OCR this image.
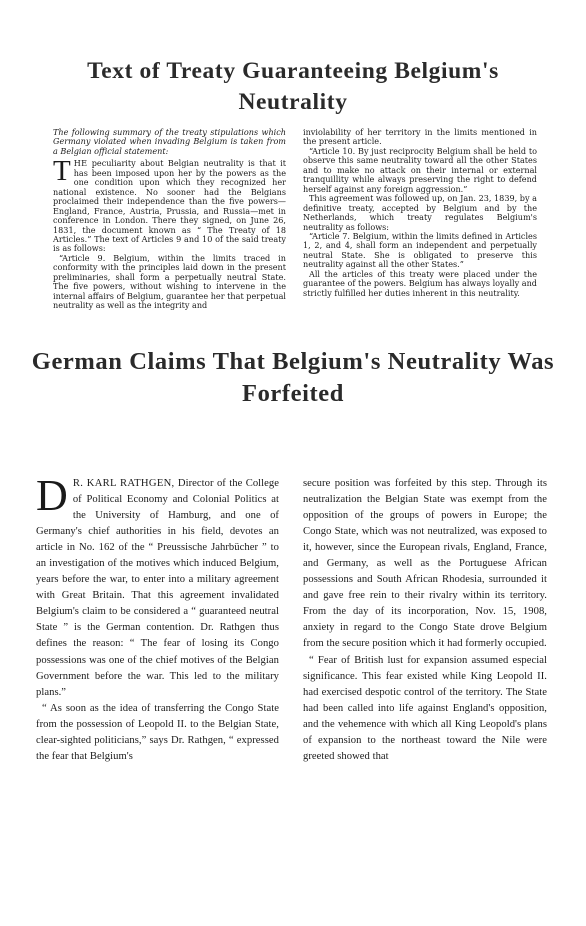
Text of Treaty Guaranteeing Belgium's
Neutrality

The following summary of the treaty stipulations which Germany violated when invading Belgium is taken from a Belgian official statement:

THE peculiarity about Belgian neutrality is that it has been imposed upon her by the powers as the one condition upon which they recognized her national existence. No sooner had the Belgians proclaimed their independence than the five powers—England, France, Austria, Prussia, and Russia—met in conference in London. There they signed, on June 26, 1831, the document known as “ The Treaty of 18 Articles.” The text of Articles 9 and 10 of the said treaty is as follows:

“Article 9. Belgium, within the limits traced in conformity with the principles laid down in the present preliminaries, shall form a perpetually neutral State. The five powers, without wishing to intervene in the internal affairs of Belgium, guarantee her that perpetual neutrality as well as the integrity and

inviolability of her territory in the limits mentioned in the present article.

“Article 10. By just reciprocity Belgium shall be held to observe this same neutrality toward all the other States and to make no attack on their internal or external tranquillity while always preserving the right to defend herself against any foreign aggression.”

This agreement was followed up, on Jan. 23, 1839, by a definitive treaty, accepted by Belgium and by the Netherlands, which treaty regulates Belgium's neutrality as follows:

“Article 7. Belgium, within the limits defined in Articles 1, 2, and 4, shall form an independent and perpetually neutral State. She is obligated to preserve this neutrality against all the other States.”

All the articles of this treaty were placed under the guarantee of the powers. Belgium has always loyally and strictly fulfilled her duties inherent in this neutrality.

German Claims That Belgium's Neutrality Was
Forfeited

D R. KARL RATHGEN, Director of the College of Political Economy and Colonial Politics at the University of Hamburg, and one of Germany's chief authorities in his field, devotes an article in No. 162 of the “ Preussische Jahrbücher ” to an investigation of the motives which induced Belgium, years before the war, to enter into a military agreement with Great Britain. That this agreement invalidated Belgium's claim to be considered a “ guaranteed neutral State ” is the German contention. Dr. Rathgen thus defines the reason: “ The fear of losing its Congo possessions was one of the chief motives of the Belgian Government before the war. This led to the military plans.”

“ As soon as the idea of transferring the Congo State from the possession of Leopold II. to the Belgian State, clear-sighted politicians,” says Dr. Rathgen, “ expressed the fear that Belgium's

secure position was forfeited by this step. Through its neutralization the Belgian State was exempt from the opposition of the groups of powers in Europe; the Congo State, which was not neutralized, was exposed to it, however, since the European rivals, England, France, and Germany, as well as the Portuguese African possessions and South African Rhodesia, surrounded it and gave free rein to their rivalry within its territory. From the day of its incorporation, Nov. 15, 1908, anxiety in regard to the Congo State drove Belgium from the secure position which it had formerly occupied.

“ Fear of British lust for expansion assumed especial significance. This fear existed while King Leopold II. had exercised despotic control of the territory. The State had been called into life against England's opposition, and the vehemence with which all King Leopold's plans of expansion to the northeast toward the Nile were greeted showed that
